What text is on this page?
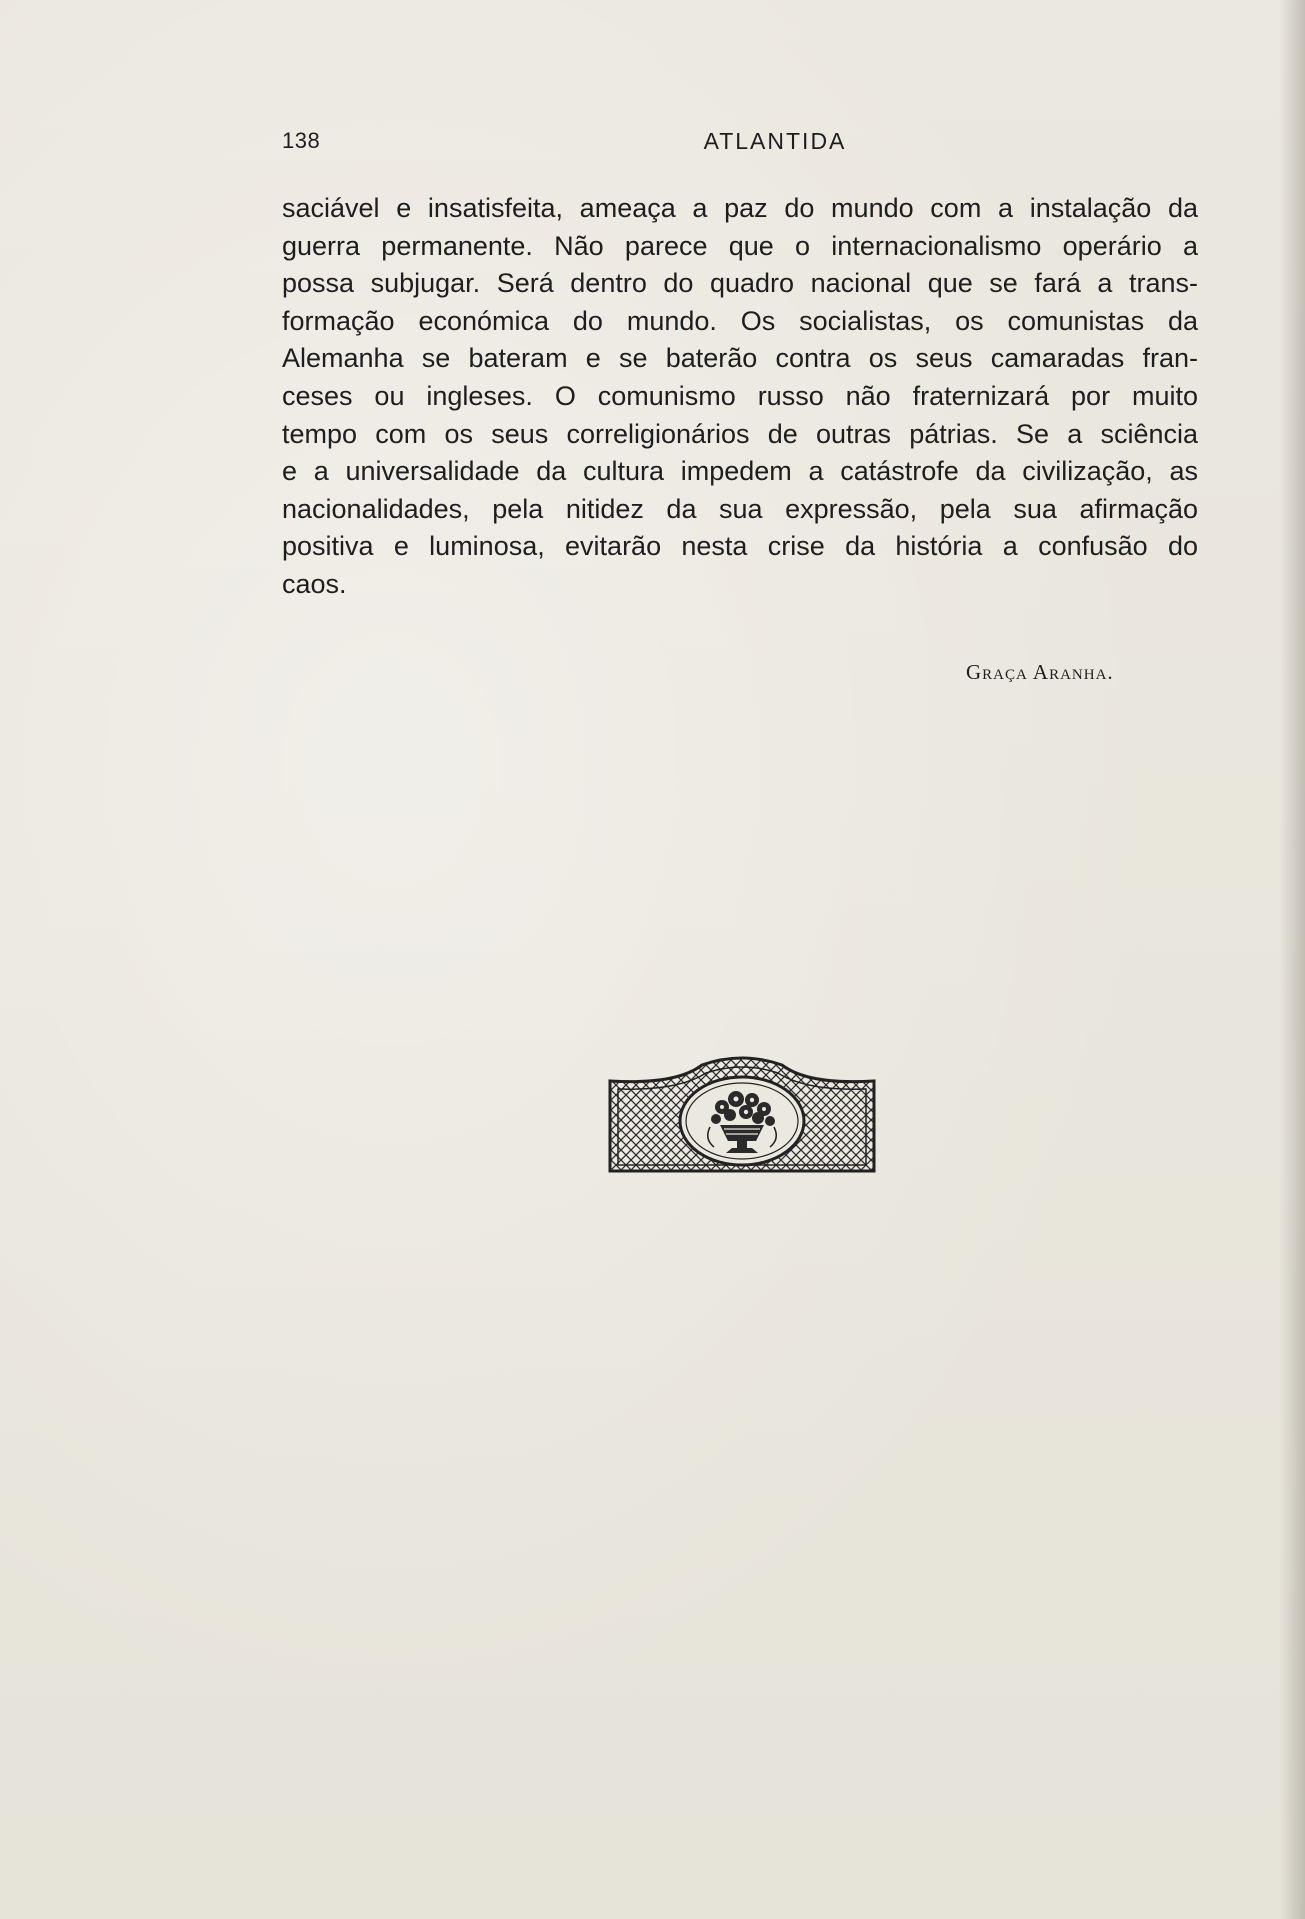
138	ATLANTIDA
saciável e insatisfeita, ameaça a paz do mundo com a instalação da
guerra permanente. Não parece que o internacionalismo operário a
possa subjugar. Será dentro do quadro nacional que se fará a trans-
formação económica do mundo. Os socialistas, os comunistas da
Alemanha se bateram e se baterão contra os seus camaradas fran-
ceses ou ingleses. O comunismo russo não fraternizará por muito
tempo com os seus correligionários de outras pátrias. Se a sciência
e a universalidade da cultura impedem a catástrofe da civilização, as
nacionalidades, pela nitidez da sua expressão, pela sua afirmação
positiva e luminosa, evitarão nesta crise da história a confusão do
caos.
Graça Aranha.
